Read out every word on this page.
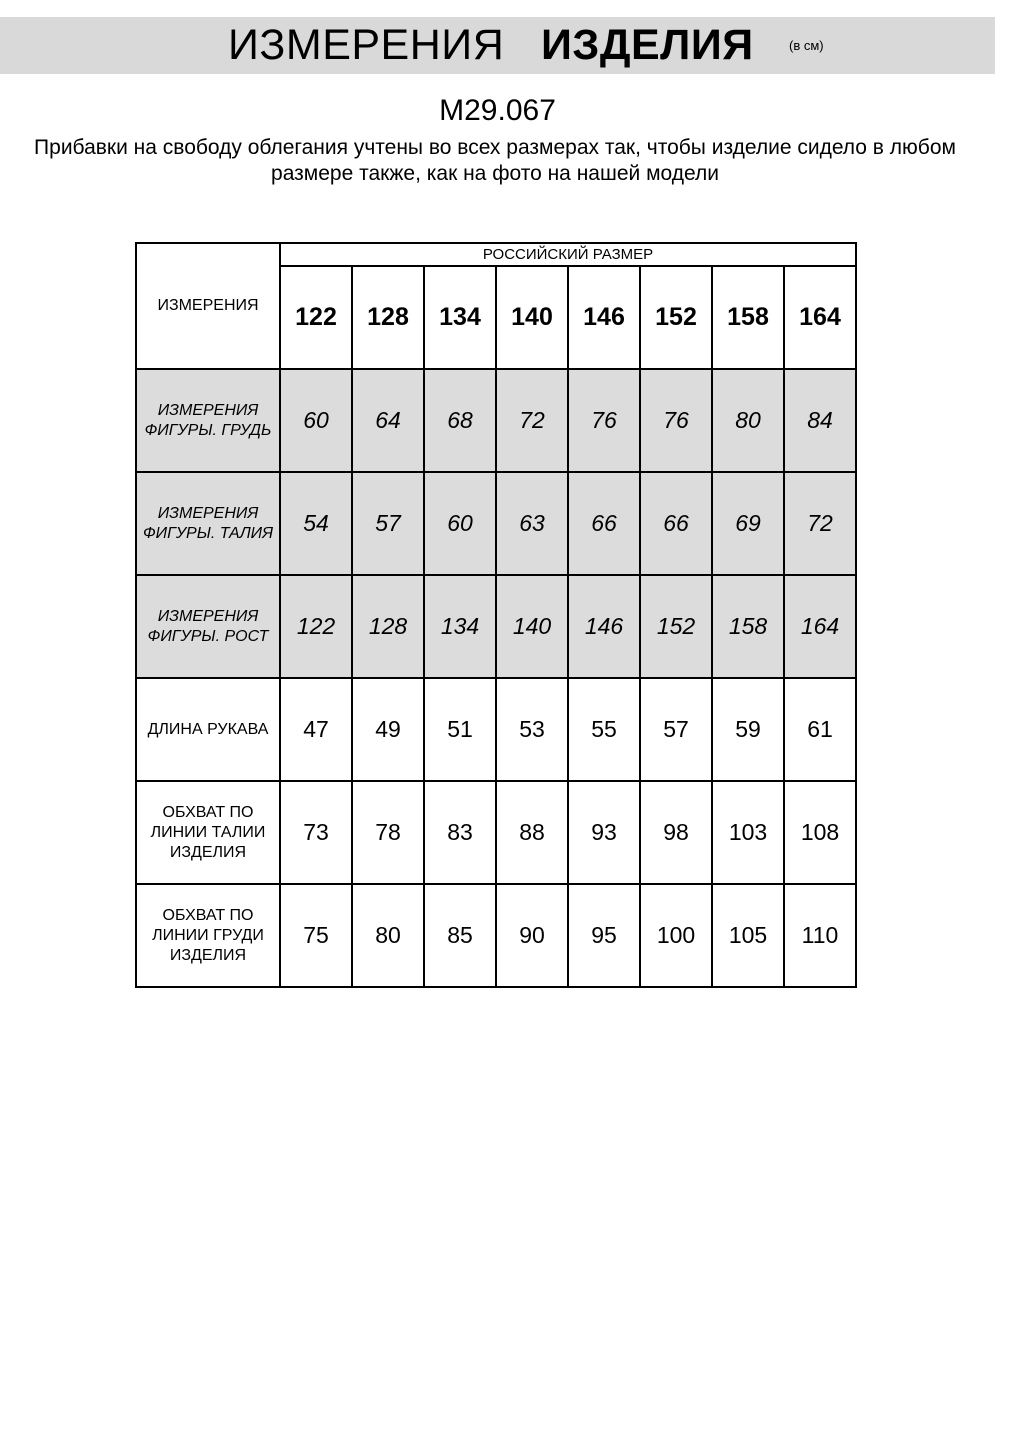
ИЗМЕРЕНИЯ ИЗДЕЛИЯ	(в см)
М29.067
Прибавки на свободу облегания учтены во всех размерах так, чтобы изделие сидело в любом размере также, как на фото на нашей модели
ИЗМЕРЕНИЯ	РОССИЙСКИЙ РАЗМЕР							
	122	128	134	140	146	152	158	164
ИЗМЕРЕНИЯ ФИГУРЫ. ГРУДЬ	60	64	68	72	76	76	80	84
ИЗМЕРЕНИЯ ФИГУРЫ. ТАЛИЯ	54	57	60	63	66	66	69	72
ИЗМЕРЕНИЯ ФИГУРЫ. РОСТ	122	128	134	140	146	152	158	164
ДЛИНА РУКАВА	47	49	51	53	55	57	59	61
ОБХВАТ ПО ЛИНИИ ТАЛИИ ИЗДЕЛИЯ	73	78	83	88	93	98	103	108
ОБХВАТ ПО ЛИНИИ ГРУДИ ИЗДЕЛИЯ	75	80	85	90	95	100	105	110
